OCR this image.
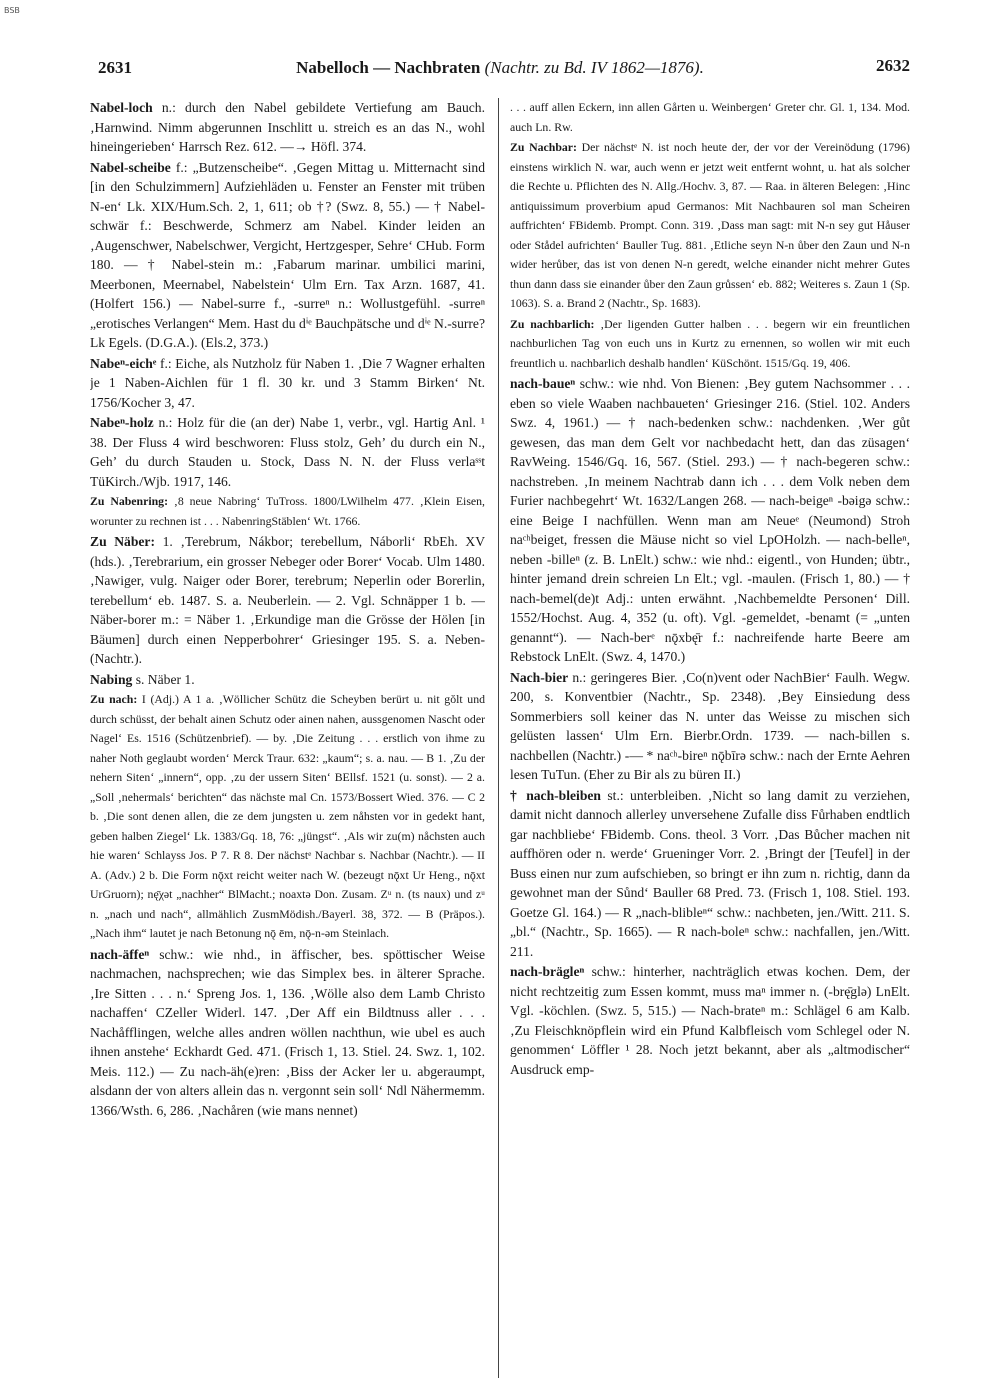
BSB
2631	Nabelloch — Nachbraten (Nachtr. zu Bd. IV 1862—1876).	2632

Nabel-loch n.: durch den Nabel gebildete Vertiefung am Bauch. ‚Harnwind. Nimm abgerunnen Inschlitt u. streich es an das N., wohl hineingerieben‘ Harrsch Rez. 612. —→ Höfl. 374.

Nabel-scheibe f.: „Butzenscheibe“. ‚Gegen Mittag u. Mitternacht sind [in den Schulzimmern] Aufziehläden u. Fenster an Fenster mit trüben N-en‘ Lk. XIX/Hum.Sch. 2, 1, 611; ob †? (Swz. 8, 55.) — † Nabel-schwär f.: Beschwerde, Schmerz am Nabel. Kinder leiden an ‚Augenschwer, Nabelschwer, Vergicht, Hertzgesper, Sehre‘ CHub. Form 180. — † Nabel-stein m.: ‚Fabarum marinar. umbilici marini, Meerbonen, Meernabel, Nabelstein‘ Ulm Ern. Tax Arzn. 1687, 41. (Holfert 156.) — Nabel-surre f., -surreⁿ n.: Wollustgefühl. -surreⁿ „erotisches Verlangen“ Mem. Hast du dⁱᵉ Bauchpätsche und dⁱᵉ N.-surre? Lk Egels. (D.G.A.). (Els.2, 373.)

Nabeⁿ-eichᵉ f.: Eiche, als Nutzholz für Naben 1. ‚Die 7 Wagner erhalten je 1 Naben-Aichlen für 1 fl. 30 kr. und 3 Stamm Birken‘ Nt. 1756/Kocher 3, 47.

Nabeⁿ-holz n.: Holz für die (an der) Nabe 1, verbr., vgl. Hartig Anl. ¹ 38. Der Fluss 4 wird beschworen: Fluss stolz, Geh’ du durch ein N., Geh’ du durch Stauden u. Stock, Dass N. N. der Fluss verlaˢˢt TüKirch./Wjb. 1917, 146.

Zu Nabenring: ‚8 neue Nabring‘ TuTross. 1800/LWilhelm 477. ‚Klein Eisen, worunter zu rechnen ist . . . NabenringStäblen‘ Wt. 1766.

Zu Näber: 1. ‚Terebrum, Nákbor; terebellum, Náborli‘ RbEh. XV (hds.). ‚Terebrarium, ein grosser Nebeger oder Borer‘ Vocab. Ulm 1480. ‚Nawiger, vulg. Naiger oder Borer, terebrum; Neperlin oder Borerlin, terebellum‘ eb. 1487. S. a. Neuberlein. — 2. Vgl. Schnäpper 1 b. — Näber-borer m.: = Näber 1. ‚Erkundige man die Grösse der Hölen [in Bäumen] durch einen Nepperbohrer‘ Griesinger 195. S. a. Neben- (Nachtr.).

Nabing s. Näber 1.

Zu nach: I (Adj.) A 1 a. ‚Wöllicher Schütz die Scheyben berürt u. nit gŏlt und durch schüsst, der behalt ainen Schutz oder ainen nahen, aussgenomen Nascht oder Nagel‘ Es. 1516 (Schützenbrief). — by. ‚Die Zeitung . . . erstlich von ihme zu naher Noth geglaubt worden‘ Merck Traur. 632: „kaum“; s. a. nau. — B 1. ‚Zu der nehern Siten‘ „innern“, opp. ‚zu der ussern Siten‘ BEllsf. 1521 (u. sonst). — 2 a. „Soll ‚nehermals‘ berichten“ das nächste mal Cn. 1573/Bossert Wied. 376. — C 2 b. ‚Die sont denen allen, die ze dem jungsten u. zem nåhsten vor in gedekt hant, geben halben Ziegel‘ Lk. 1383/Gq. 18, 76: „jüngst“. ‚Als wir zu(m) nåchsten auch hie waren‘ Schlayss Jos. P 7. R 8. Der nächstᵉ Nachbar s. Nachbar (Nachtr.). — II A. (Adv.) 2 b. Die Form nǭxt reicht weiter nach W. (bezeugt nǭxt Ur Heng., nǭxt UrGruorn); nę̄χət „nachher“ BlMacht.; noaxtə Don. Zusam. Zᵘ n. (ts naux) und zᵘ n. „nach und nach“, allmählich ZusmMödish./Bayerl. 38, 372. — B (Präpos.). „Nach ihm“ lautet je nach Betonung nǭ ēm, nǭ-n-əm Steinlach.

nach-äffeⁿ schw.: wie nhd., in äffischer, bes. spöttischer Weise nachmachen, nachsprechen; wie das Simplex bes. in älterer Sprache. ‚Ire Sitten . . . n.‘ Spreng Jos. 1, 136. ‚Wölle also dem Lamb Christo nachaffen‘ CZeller Widerl. 147. ‚Der Aff ein Bildtnuss aller . . . Nachåfflingen, welche alles andren wöllen nachthun, wie ubel es auch ihnen anstehe‘ Eckhardt Ged. 471. (Frisch 1, 13. Stiel. 24. Swz. 1, 102. Meis. 112.) — Zu nach-äh(e)ren: ‚Biss der Acker ler u. abgeraumpt, alsdann der von alters allein das n. vergonnt sein soll‘ Ndl Nähermemm. 1366/Wsth. 6, 286. ‚Nachåren (wie mans nennet)

. . . auff allen Eckern, inn allen Gårten u. Weinbergen‘ Greter chr. Gl. 1, 134. Mod. auch Ln. Rw.

Zu Nachbar: Der nächstᵉ N. ist noch heute der, der vor der Vereinödung (1796) einstens wirklich N. war, auch wenn er jetzt weit entfernt wohnt, u. hat als solcher die Rechte u. Pflichten des N. Allg./Hochv. 3, 87. — Raa. in älteren Belegen: ‚Hinc antiquissimum proverbium apud Germanos: Mit Nachbauren sol man Scheiren auffrichten‘ FBidemb. Prompt. Conn. 319. ‚Dass man sagt: mit N-n sey gut Håuser oder Stådel aufrichten‘ Bauller Tug. 881. ‚Etliche seyn N-n ůber den Zaun und N-n wider herůber, das ist von denen N-n geredt, welche einander nicht mehrer Gutes thun dann dass sie einander ůber den Zaun grůssen‘ eb. 882; Weiteres s. Zaun 1 (Sp. 1063). S. a. Brand 2 (Nachtr., Sp. 1683).

Zu nachbarlich: ‚Der ligenden Gutter halben . . . begern wir ein freuntlichen nachburlichen Tag von euch uns in Kurtz zu ernennen, so wollen wir mit euch freuntlich u. nachbarlich deshalb handlen‘ KüSchönt. 1515/Gq. 19, 406.

nach-baueⁿ schw.: wie nhd. Von Bienen: ‚Bey gutem Nachsommer . . . eben so viele Waaben nachbaueten‘ Griesinger 216. (Stiel. 102. Anders Swz. 4, 1961.) — † nach-bedenken schw.: nachdenken. ‚Wer gůt gewesen, das man dem Gelt vor nachbedacht hett, dan das züsagen‘ RavWeing. 1546/Gq. 16, 567. (Stiel. 293.) — † nach-begeren schw.: nachstreben. ‚In meinem Nachtrab dann ich . . . dem Volk neben dem Furier nachbegehrt‘ Wt. 1632/Langen 268. — nach-beigeⁿ -bəigə schw.: eine Beige I nachfüllen. Wenn man am Neueᵉ (Neumond) Stroh naᶜʰbeiget, fressen die Mäuse nicht so viel LpOHolzh. — nach-belleⁿ, neben -billeⁿ (z. B. LnElt.) schw.: wie nhd.: eigentl., von Hunden; übtr., hinter jemand drein schreien Ln Elt.; vgl. -maulen. (Frisch 1, 80.) — † nach-bemel(de)t Adj.: unten erwähnt. ‚Nachbemeldte Personen‘ Dill. 1552/Hochst. Aug. 4, 352 (u. oft). Vgl. -gemeldet, -benamt (= „unten genannt“). — Nach-berᵉ nǭxbę̄r f.: nachreifende harte Beere am Rebstock LnElt. (Swz. 4, 1470.)

Nach-bier n.: geringeres Bier. ‚Co(n)vent oder NachBier‘ Faulh. Wegw. 200, s. Konventbier (Nachtr., Sp. 2348). ‚Bey Einsiedung dess Sommerbiers soll keiner das N. unter das Weisse zu mischen sich gelüsten lassen‘ Ulm Ern. Bierbr.Ordn. 1739. — nach-billen s. nachbellen (Nachtr.) -— * naᶜʰ-bireⁿ nǭbīrə schw.: nach der Ernte Aehren lesen TuTun. (Eher zu Bir als zu büren II.)

† nach-bleiben st.: unterbleiben. ‚Nicht so lang damit zu verziehen, damit nicht dannoch allerley unversehene Zufalle diss Fůrhaben endtlich gar nachbliebe‘ FBidemb. Cons. theol. 3 Vorr. ‚Das Bůcher machen nit auffhören oder n. werde‘ Grueninger Vorr. 2. ‚Bringt der [Teufel] in der Buss einen nur zum aufschieben, so bringt er ihn zum n. richtig, dann da gewohnet man der Sůnd‘ Bauller 68 Pred. 73. (Frisch 1, 108. Stiel. 193. Goetze Gl. 164.) — R „nach-blibleⁿ“ schw.: nachbeten, jen./Witt. 211. S. „bl.“ (Nachtr., Sp. 1665). — R nach-boleⁿ schw.: nachfallen, jen./Witt. 211.

nach-brägleⁿ schw.: hinterher, nachträglich etwas kochen. Dem, der nicht rechtzeitig zum Essen kommt, muss maⁿ immer n. (-brę̄glə) LnElt. Vgl. -köchlen. (Swz. 5, 515.) — Nach-brateⁿ m.: Schlägel 6 am Kalb. ‚Zu Fleischknöpflein wird ein Pfund Kalbfleisch vom Schlegel oder N. genommen‘ Löffler ¹ 28. Noch jetzt bekannt, aber als „altmodischer“ Ausdruck emp-
